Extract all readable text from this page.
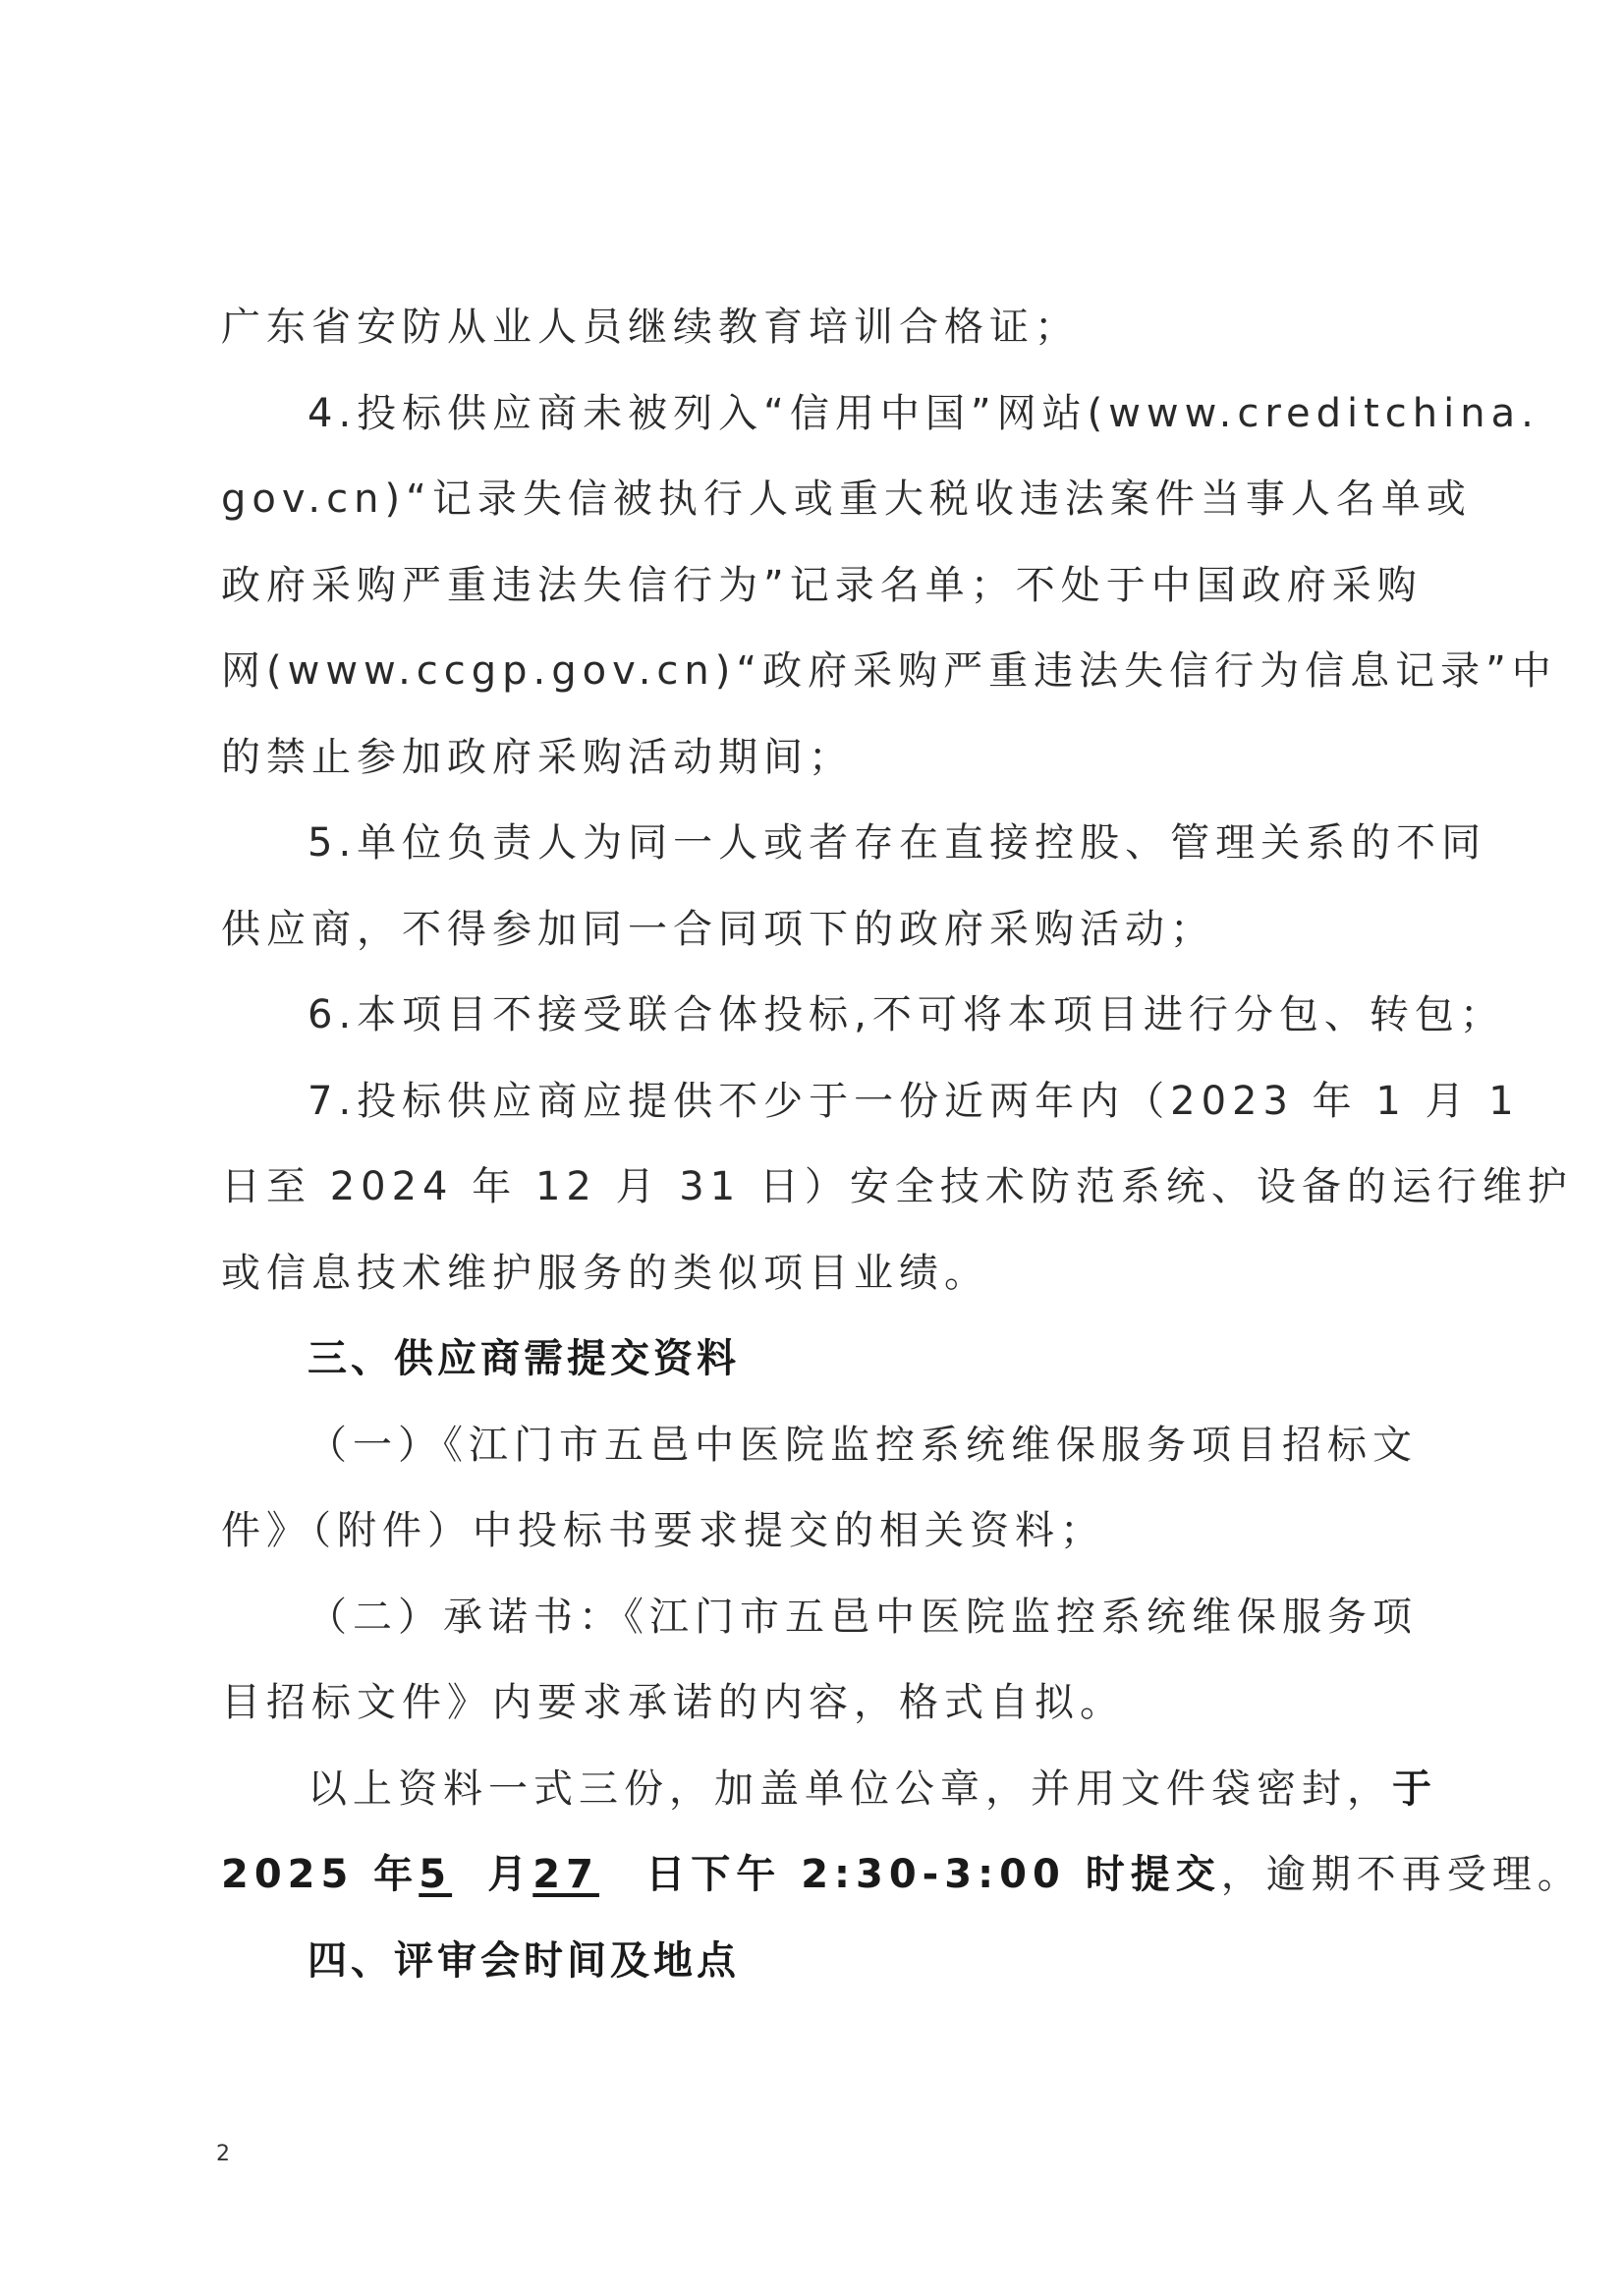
广东省安防从业人员继续教育培训合格证；
4.投标供应商未被列入“信用中国”网站(www.creditchina.
gov.cn)“记录失信被执行人或重大税收违法案件当事人名单或
政府采购严重违法失信行为”记录名单；不处于中国政府采购
网(www.ccgp.gov.cn)“政府采购严重违法失信行为信息记录”中
的禁止参加政府采购活动期间；
5.单位负责人为同一人或者存在直接控股、管理关系的不同
供应商，不得参加同一合同项下的政府采购活动；
6.本项目不接受联合体投标,不可将本项目进行分包、转包；
7.投标供应商应提供不少于一份近两年内（2023 年 1 月 1
日至 2024 年 12 月 31 日）安全技术防范系统、设备的运行维护
或信息技术维护服务的类似项目业绩。
三、供应商需提交资料
（一）《江门市五邑中医院监控系统维保服务项目招标文
件》（附件）中投标书要求提交的相关资料；
（二）承诺书：《江门市五邑中医院监控系统维保服务项
目招标文件》内要求承诺的内容，格式自拟。
以上资料一式三份，加盖单位公章，并用文件袋密封，于
2025 年5 月27 日下午 2:30-3:00 时提交，逾期不再受理。
四、评审会时间及地点
2
